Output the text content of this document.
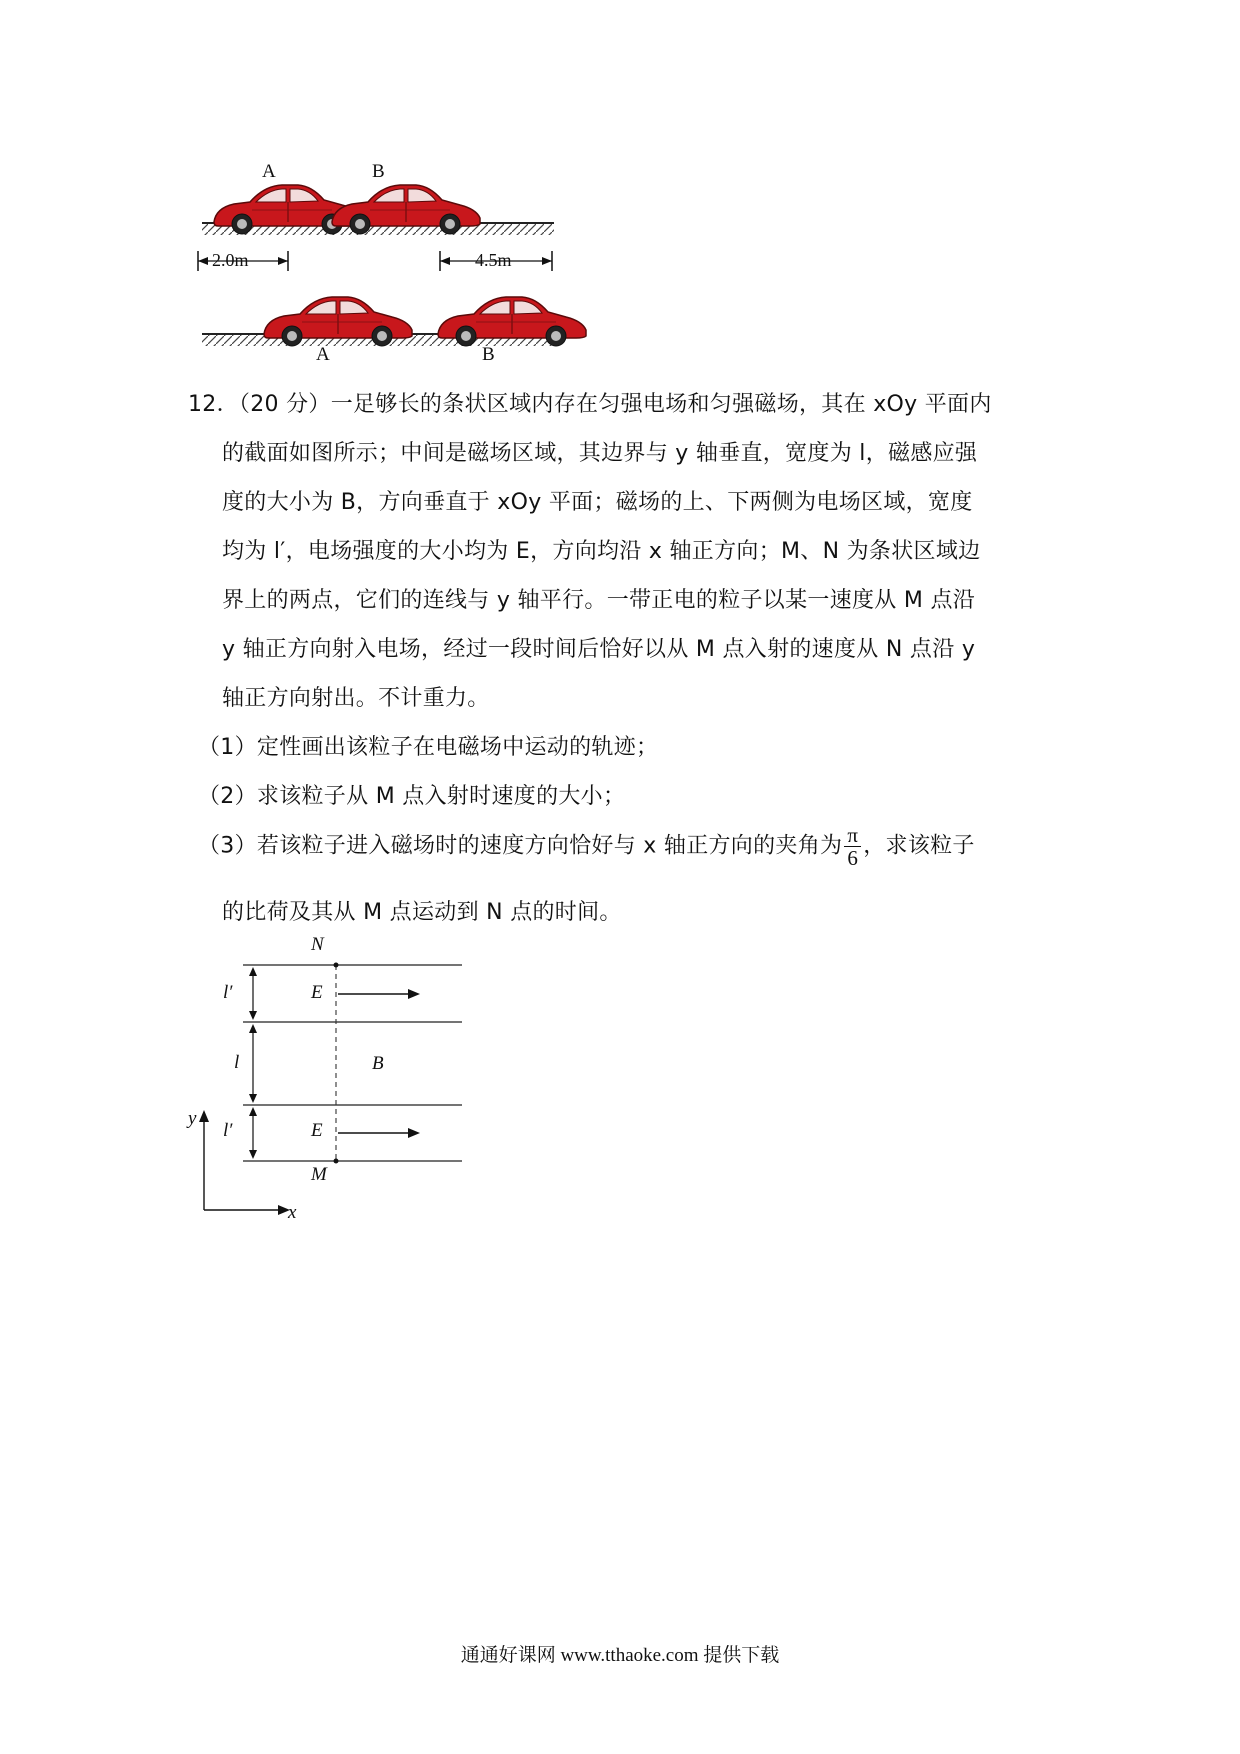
A	B
2.0m	4.5m
A	B
12．（20 分）一足够长的条状区域内存在匀强电场和匀强磁场，其在 xOy 平面内
的截面如图所示；中间是磁场区域，其边界与 y 轴垂直，宽度为 l，磁感应强
度的大小为 B，方向垂直于 xOy 平面；磁场的上、下两侧为电场区域，宽度
均为 l′，电场强度的大小均为 E，方向均沿 x 轴正方向；M、N 为条状区域边
界上的两点，它们的连线与 y 轴平行。一带正电的粒子以某一速度从 M 点沿
y 轴正方向射入电场，经过一段时间后恰好以从 M 点入射的速度从 N 点沿 y
轴正方向射出。不计重力。
（1）定性画出该粒子在电磁场中运动的轨迹；
（2）求该粒子从 M 点入射时速度的大小；
（3）若该粒子进入磁场时的速度方向恰好与 x 轴正方向的夹角为 $\frac{\pi}{6}$ ，求该粒子
的比荷及其从 M 点运动到 N 点的时间。
N
M
E
E
B
l′
l
l′
y
x
通通好课网 www.tthaoke.com 提供下载
